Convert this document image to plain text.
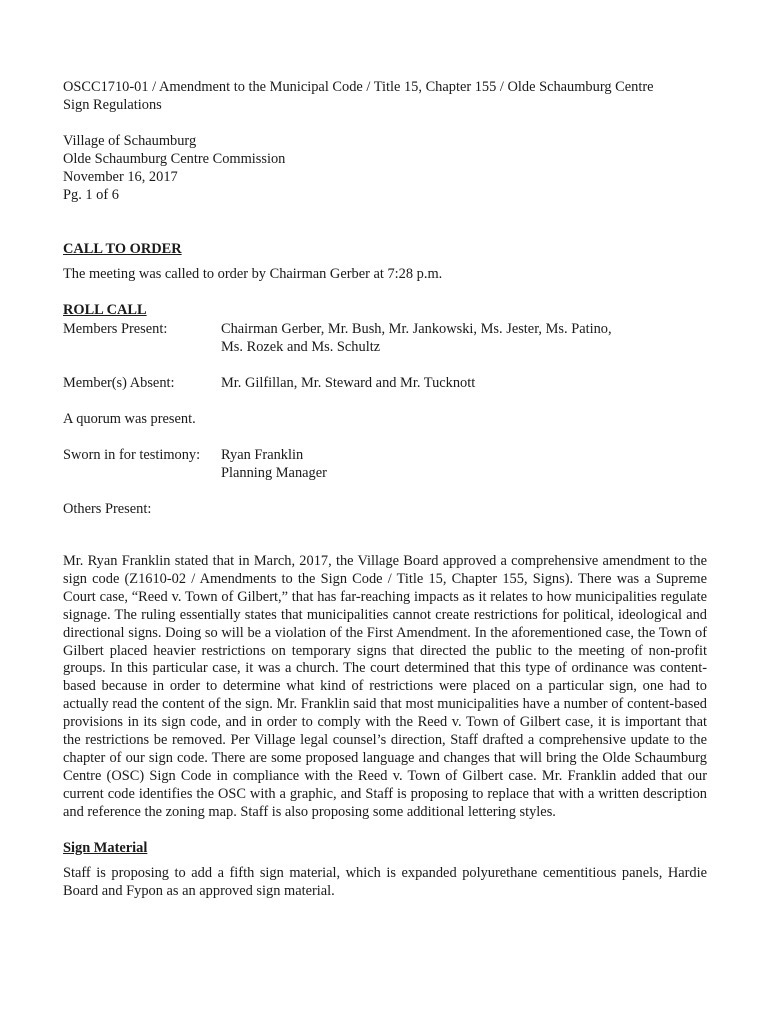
OSCC1710-01 / Amendment to the Municipal Code / Title 15, Chapter 155 / Olde Schaumburg Centre

Sign Regulations

Village of Schaumburg

Olde Schaumburg Centre Commission

November 16, 2017

Pg. 1 of 6

CALL TO ORDER

The meeting was called to order by Chairman Gerber at 7:28 p.m.

ROLL CALL

Members Present:	Chairman Gerber, Mr. Bush, Mr. Jankowski, Ms. Jester, Ms. Patino,
Ms. Rozek and Ms. Schultz
Member(s) Absent:	Mr. Gilfillan, Mr. Steward and Mr. Tucknott

A quorum was present.

Sworn in for testimony:	Ryan Franklin
Planning Manager

Others Present:

Mr. Ryan Franklin stated that in March, 2017, the Village Board approved a comprehensive amendment to the sign code (Z1610-02 / Amendments to the Sign Code / Title 15, Chapter 155, Signs). There was a Supreme Court case, “Reed v. Town of Gilbert,” that has far-reaching impacts as it relates to how municipalities regulate signage. The ruling essentially states that municipalities cannot create restrictions for political, ideological and directional signs. Doing so will be a violation of the First Amendment. In the aforementioned case, the Town of Gilbert placed heavier restrictions on temporary signs that directed the public to the meeting of non-profit groups. In this particular case, it was a church. The court determined that this type of ordinance was content-based because in order to determine what kind of restrictions were placed on a particular sign, one had to actually read the content of the sign. Mr. Franklin said that most municipalities have a number of content-based provisions in its sign code, and in order to comply with the Reed v. Town of Gilbert case, it is important that the restrictions be removed. Per Village legal counsel’s direction, Staff drafted a comprehensive update to the chapter of our sign code. There are some proposed language and changes that will bring the Olde Schaumburg Centre (OSC) Sign Code in compliance with the Reed v. Town of Gilbert case. Mr. Franklin added that our current code identifies the OSC with a graphic, and Staff is proposing to replace that with a written description and reference the zoning map. Staff is also proposing some additional lettering styles.

Sign Material

Staff is proposing to add a fifth sign material, which is expanded polyurethane cementitious panels, Hardie Board and Fypon as an approved sign material.
